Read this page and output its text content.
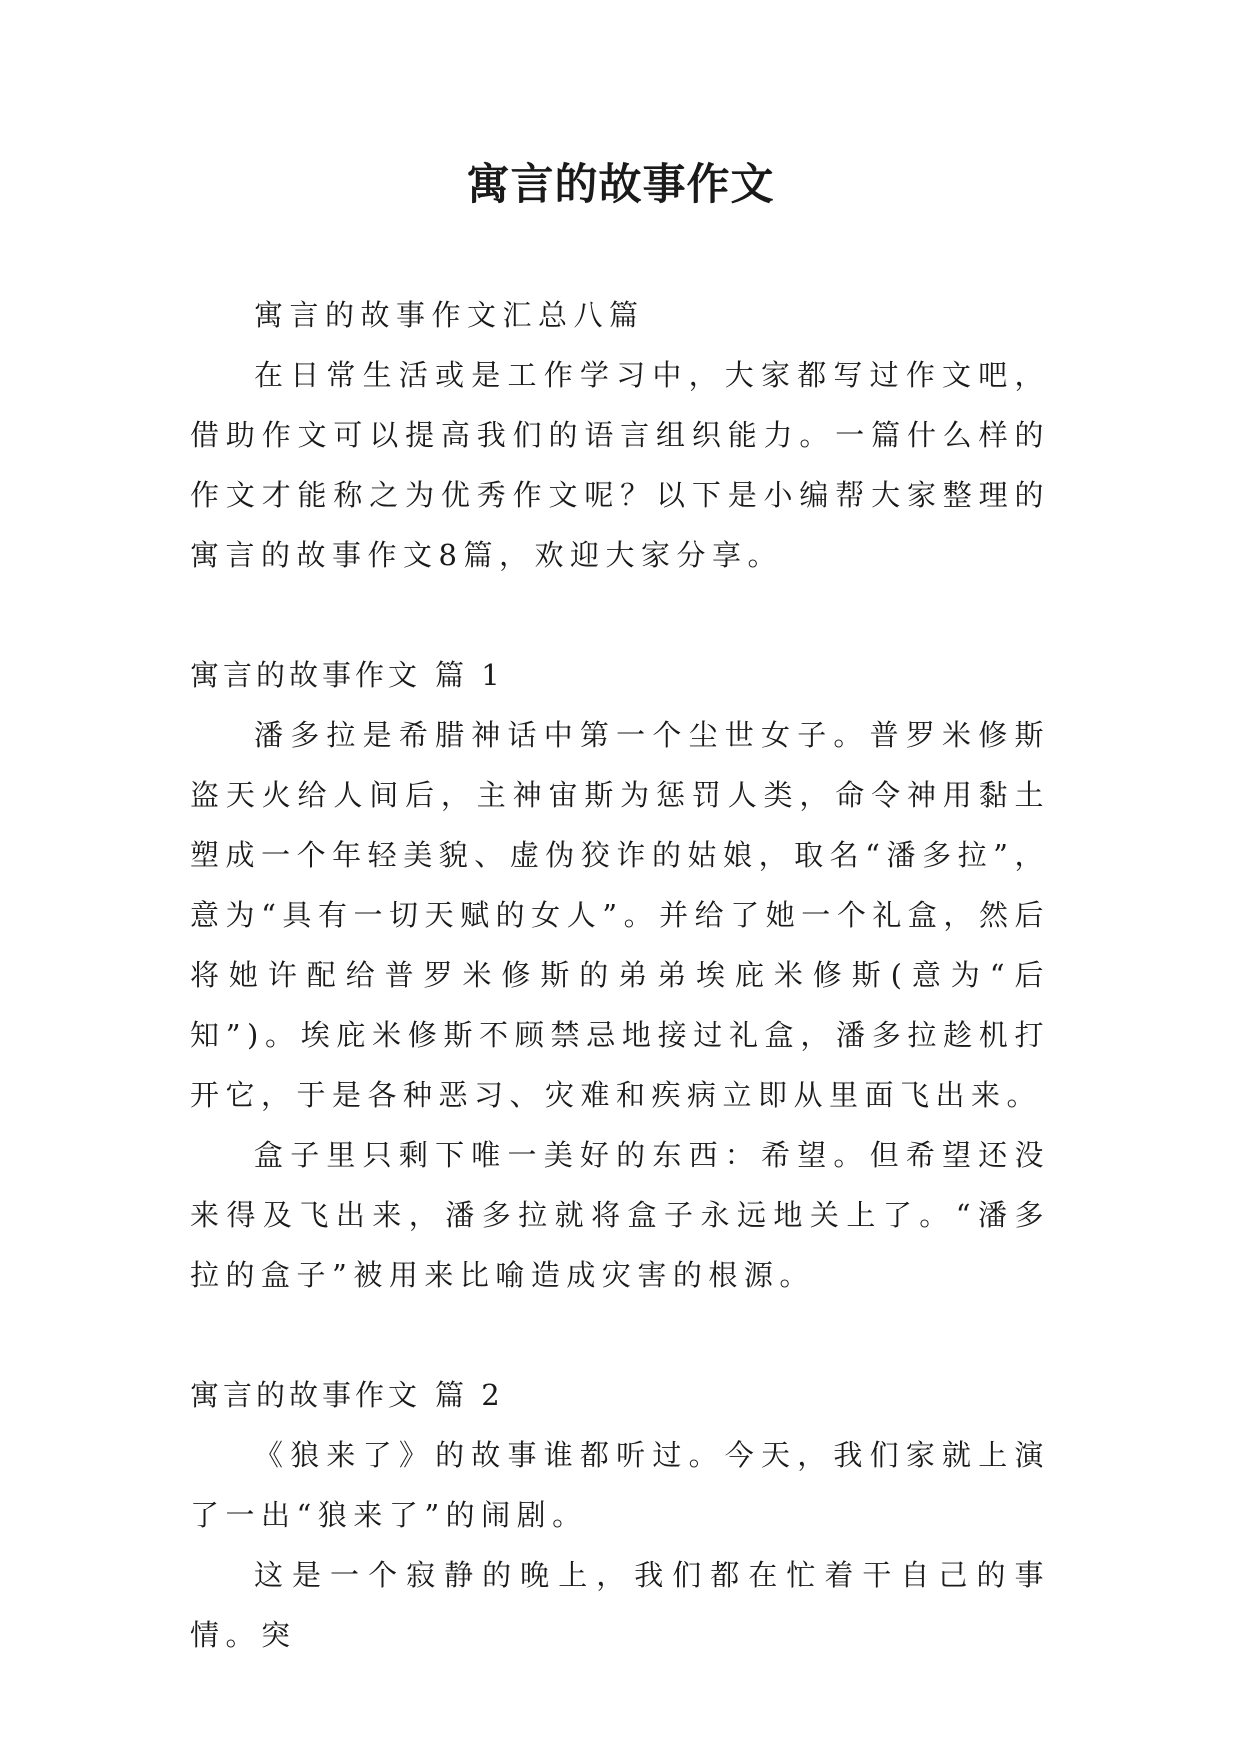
寓言的故事作文

寓言的故事作文汇总八篇

在日常生活或是工作学习中，大家都写过作文吧，借助作文可以提高我们的语言组织能力。一篇什么样的作文才能称之为优秀作文呢？以下是小编帮大家整理的寓言的故事作文8篇，欢迎大家分享。

寓言的故事作文 篇 1

潘多拉是希腊神话中第一个尘世女子。普罗米修斯盗天火给人间后，主神宙斯为惩罚人类，命令神用黏土塑成一个年轻美貌、虚伪狡诈的姑娘，取名“潘多拉”，意为“具有一切天赋的女人”。并给了她一个礼盒，然后将她许配给普罗米修斯的弟弟埃庇米修斯(意为“后知”)。埃庇米修斯不顾禁忌地接过礼盒，潘多拉趁机打开它，于是各种恶习、灾难和疾病立即从里面飞出来。

盒子里只剩下唯一美好的东西：希望。但希望还没来得及飞出来，潘多拉就将盒子永远地关上了。“潘多拉的盒子”被用来比喻造成灾害的根源。

寓言的故事作文 篇 2

《狼来了》的故事谁都听过。今天，我们家就上演了一出“狼来了”的闹剧。

这是一个寂静的晚上，我们都在忙着干自己的事情。突
